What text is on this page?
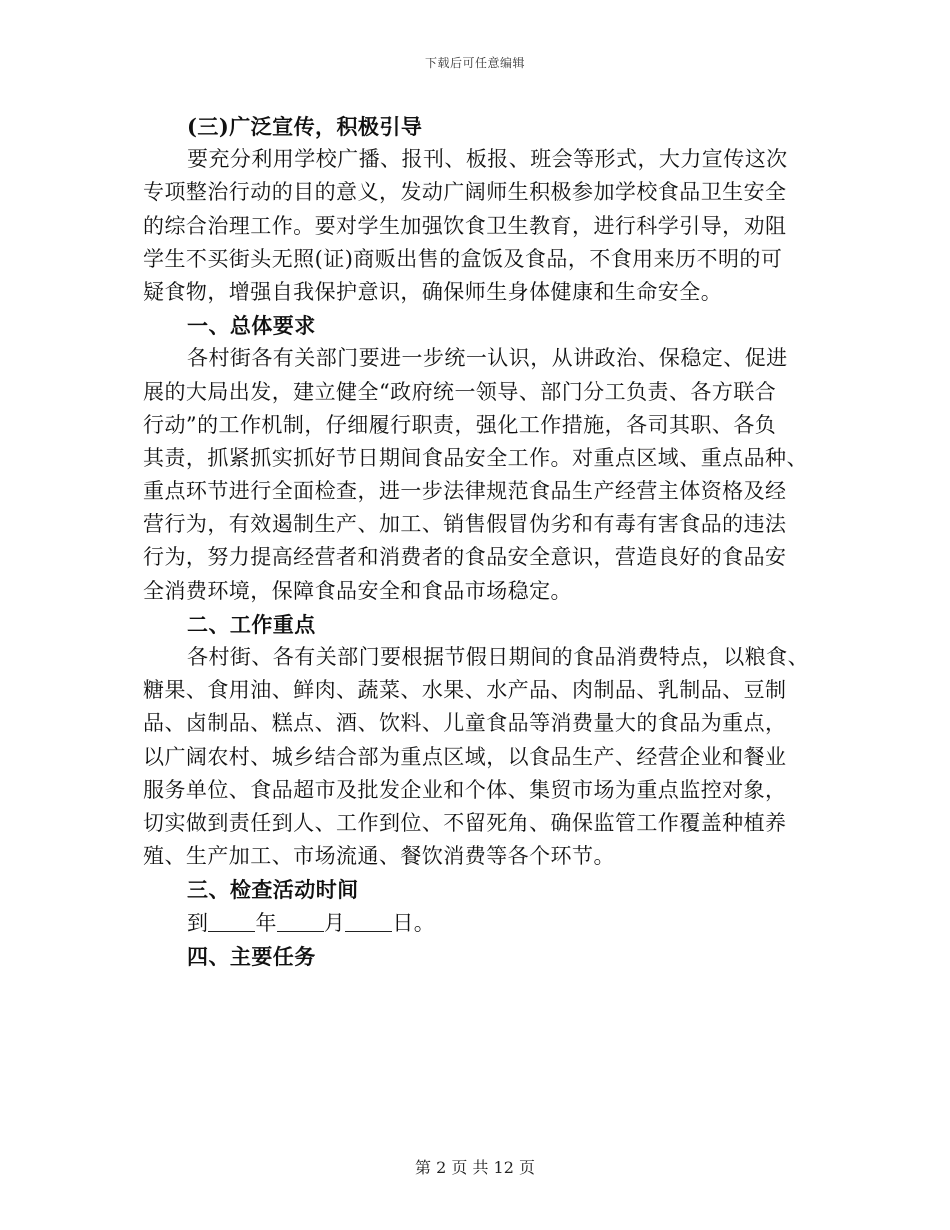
下载后可任意编辑
(三)广泛宣传，积极引导
要充分利用学校广播、报刊、板报、班会等形式，大力宣传这次
专项整治行动的目的意义，发动广阔师生积极参加学校食品卫生安全
的综合治理工作。要对学生加强饮食卫生教育，进行科学引导，劝阻
学生不买街头无照(证)商贩出售的盒饭及食品，不食用来历不明的可
疑食物，增强自我保护意识，确保师生身体健康和生命安全。
一、总体要求
各村街各有关部门要进一步统一认识，从讲政治、保稳定、促进
展的大局出发，建立健全“政府统一领导、部门分工负责、各方联合
行动”的工作机制，仔细履行职责，强化工作措施，各司其职、各负
其责，抓紧抓实抓好节日期间食品安全工作。对重点区域、重点品种、
重点环节进行全面检查，进一步法律规范食品生产经营主体资格及经
营行为，有效遏制生产、加工、销售假冒伪劣和有毒有害食品的违法
行为，努力提高经营者和消费者的食品安全意识，营造良好的食品安
全消费环境，保障食品安全和食品市场稳定。
二、工作重点
各村街、各有关部门要根据节假日期间的食品消费特点，以粮食、
糖果、食用油、鲜肉、蔬菜、水果、水产品、肉制品、乳制品、豆制
品、卤制品、糕点、酒、饮料、儿童食品等消费量大的食品为重点，
以广阔农村、城乡结合部为重点区域，以食品生产、经营企业和餐业
服务单位、食品超市及批发企业和个体、集贸市场为重点监控对象，
切实做到责任到人、工作到位、不留死角、确保监管工作覆盖种植养
殖、生产加工、市场流通、餐饮消费等各个环节。
三、检查活动时间
到 年 月 日。
四、主要任务
第 2 页 共 12 页
